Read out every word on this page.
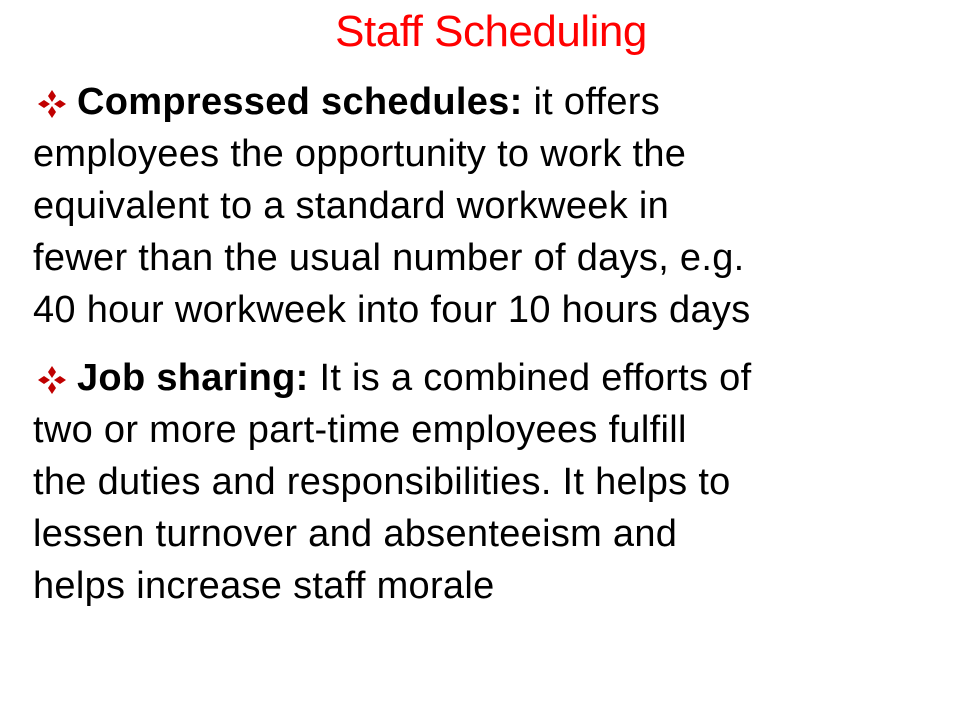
Staff Scheduling
Compressed schedules: it offers
employees the opportunity to work the
equivalent to a standard workweek in
fewer than the usual number of days, e.g.
40 hour workweek into four 10 hours days
Job sharing: It is a combined efforts of
two or more part-time employees fulfill
the duties and responsibilities. It helps to
lessen turnover and absenteeism and
helps increase staff morale
